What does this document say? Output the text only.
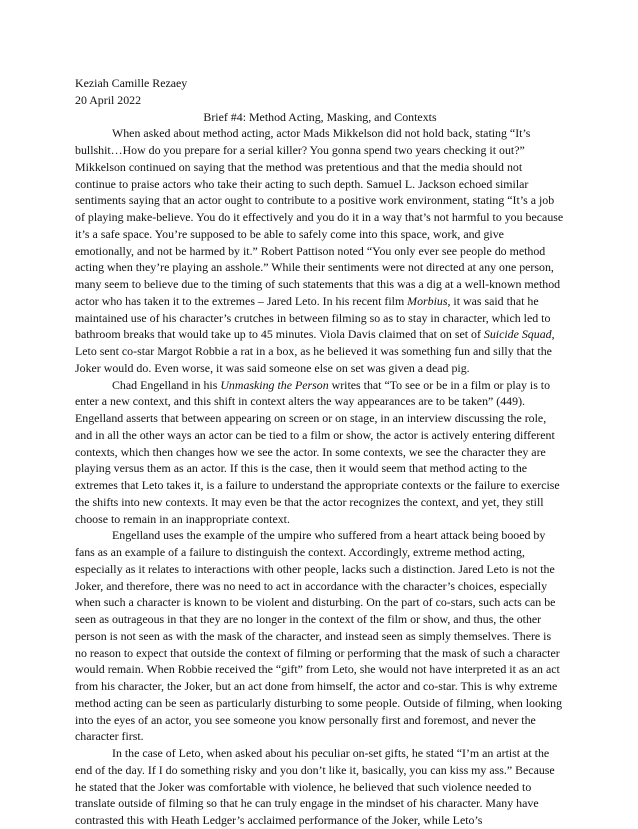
Keziah Camille Rezaey

20 April 2022

Brief #4: Method Acting, Masking, and Contexts

When asked about method acting, actor Mads Mikkelson did not hold back, stating “It’s bullshit…How do you prepare for a serial killer? You gonna spend two years checking it out?” Mikkelson continued on saying that the method was pretentious and that the media should not continue to praise actors who take their acting to such depth. Samuel L. Jackson echoed similar sentiments saying that an actor ought to contribute to a positive work environment, stating “It’s a job of playing make-believe. You do it effectively and you do it in a way that’s not harmful to you because it’s a safe space. You’re supposed to be able to safely come into this space, work, and give emotionally, and not be harmed by it.” Robert Pattison noted “You only ever see people do method acting when they’re playing an asshole.” While their sentiments were not directed at any one person, many seem to believe due to the timing of such statements that this was a dig at a well-known method actor who has taken it to the extremes – Jared Leto. In his recent film Morbius, it was said that he maintained use of his character’s crutches in between filming so as to stay in character, which led to bathroom breaks that would take up to 45 minutes. Viola Davis claimed that on set of Suicide Squad, Leto sent co-star Margot Robbie a rat in a box, as he believed it was something fun and silly that the Joker would do. Even worse, it was said someone else on set was given a dead pig.

Chad Engelland in his Unmasking the Person writes that “To see or be in a film or play is to enter a new context, and this shift in context alters the way appearances are to be taken” (449). Engelland asserts that between appearing on screen or on stage, in an interview discussing the role, and in all the other ways an actor can be tied to a film or show, the actor is actively entering different contexts, which then changes how we see the actor. In some contexts, we see the character they are playing versus them as an actor. If this is the case, then it would seem that method acting to the extremes that Leto takes it, is a failure to understand the appropriate contexts or the failure to exercise the shifts into new contexts. It may even be that the actor recognizes the context, and yet, they still choose to remain in an inappropriate context.

Engelland uses the example of the umpire who suffered from a heart attack being booed by fans as an example of a failure to distinguish the context. Accordingly, extreme method acting, especially as it relates to interactions with other people, lacks such a distinction. Jared Leto is not the Joker, and therefore, there was no need to act in accordance with the character’s choices, especially when such a character is known to be violent and disturbing. On the part of co-stars, such acts can be seen as outrageous in that they are no longer in the context of the film or show, and thus, the other person is not seen as with the mask of the character, and instead seen as simply themselves. There is no reason to expect that outside the context of filming or performing that the mask of such a character would remain. When Robbie received the “gift” from Leto, she would not have interpreted it as an act from his character, the Joker, but an act done from himself, the actor and co-star. This is why extreme method acting can be seen as particularly disturbing to some people. Outside of filming, when looking into the eyes of an actor, you see someone you know personally first and foremost, and never the character first.

In the case of Leto, when asked about his peculiar on-set gifts, he stated “I’m an artist at the end of the day. If I do something risky and you don’t like it, basically, you can kiss my ass.” Because he stated that the Joker was comfortable with violence, he believed that such violence needed to translate outside of filming so that he can truly engage in the mindset of his character. Many have contrasted this with Heath Ledger’s acclaimed performance of the Joker, while Leto’s
